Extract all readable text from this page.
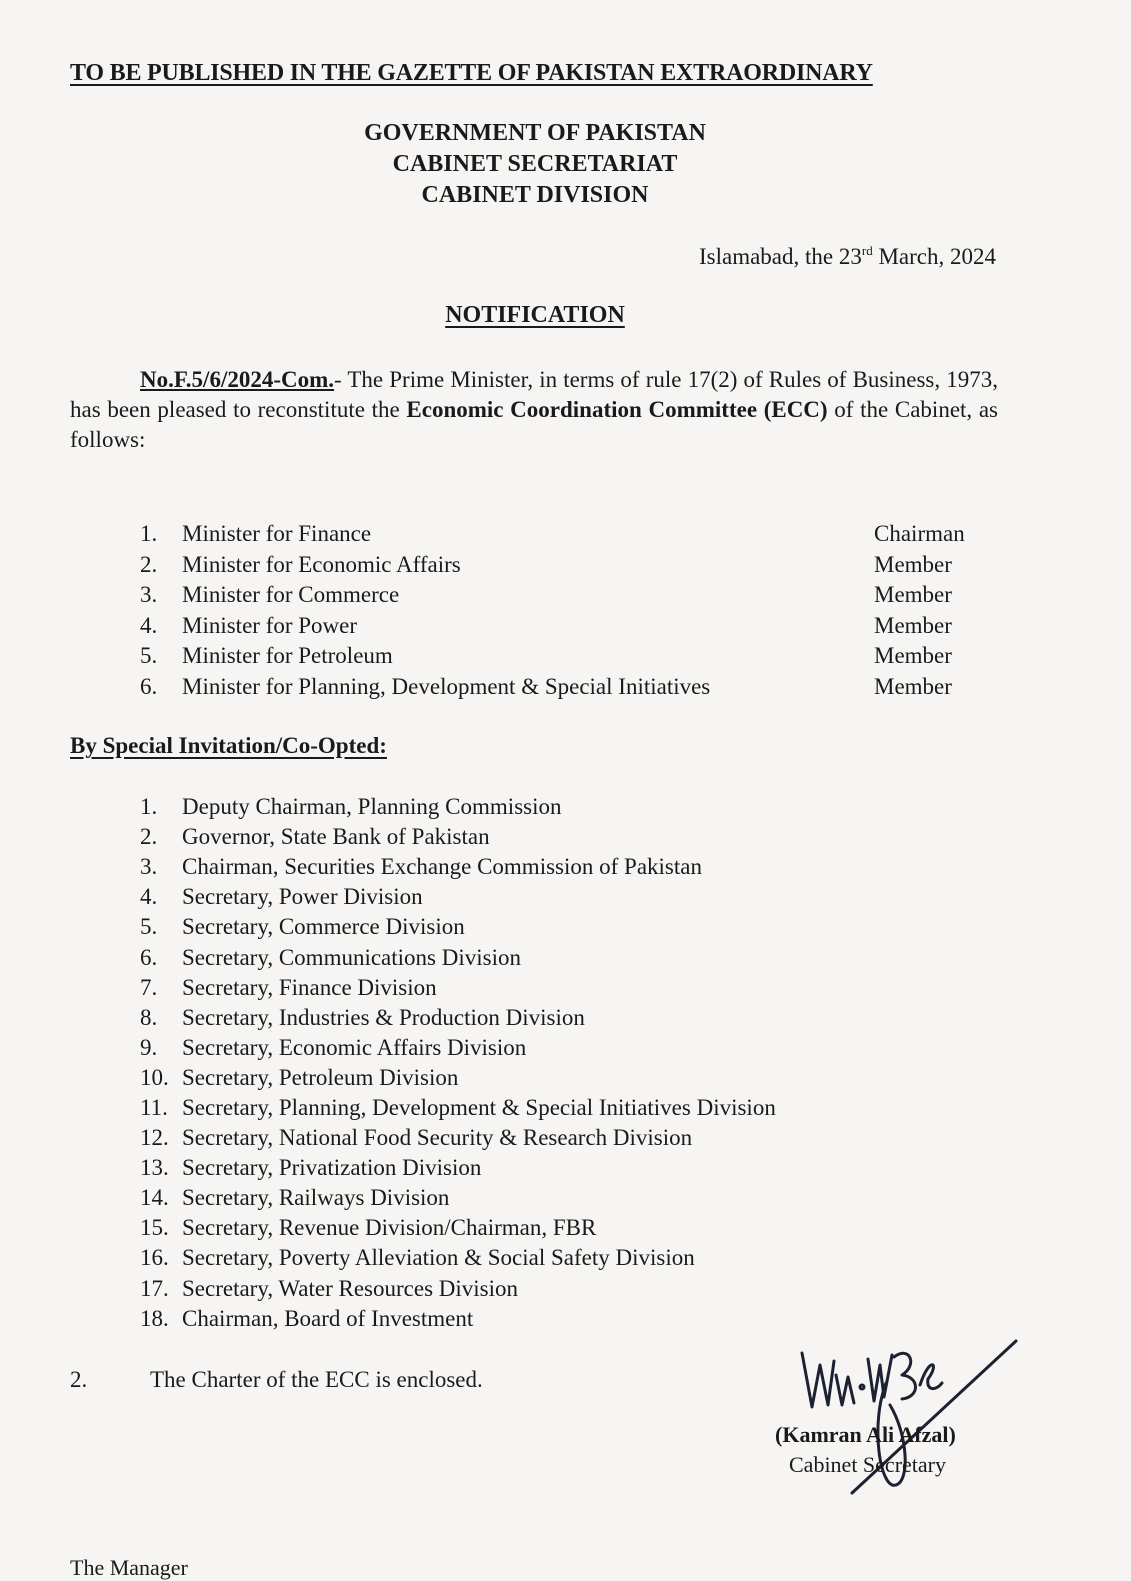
TO BE PUBLISHED IN THE GAZETTE OF PAKISTAN EXTRAORDINARY
GOVERNMENT OF PAKISTAN
CABINET SECRETARIAT
CABINET DIVISION
Islamabad, the 23rd March, 2024
NOTIFICATION
No.F.5/6/2024-Com.- The Prime Minister, in terms of rule 17(2) of Rules of Business, 1973, has been pleased to reconstitute the Economic Coordination Committee (ECC) of the Cabinet, as follows:
1.	Minister for Finance	Chairman
2.	Minister for Economic Affairs	Member
3.	Minister for Commerce	Member
4.	Minister for Power	Member
5.	Minister for Petroleum	Member
6.	Minister for Planning, Development & Special Initiatives	Member
By Special Invitation/Co-Opted:
1.	Deputy Chairman, Planning Commission
2.	Governor, State Bank of Pakistan
3.	Chairman, Securities Exchange Commission of Pakistan
4.	Secretary, Power Division
5.	Secretary, Commerce Division
6.	Secretary, Communications Division
7.	Secretary, Finance Division
8.	Secretary, Industries & Production Division
9.	Secretary, Economic Affairs Division
10. Secretary, Petroleum Division
11. Secretary, Planning, Development & Special Initiatives Division
12. Secretary, National Food Security & Research Division
13. Secretary, Privatization Division
14. Secretary, Railways Division
15. Secretary, Revenue Division/Chairman, FBR
16. Secretary, Poverty Alleviation & Social Safety Division
17. Secretary, Water Resources Division
18. Chairman, Board of Investment
2.	The Charter of the ECC is enclosed.
(Kamran Ali Afzal)
Cabinet Secretary
The Manager
